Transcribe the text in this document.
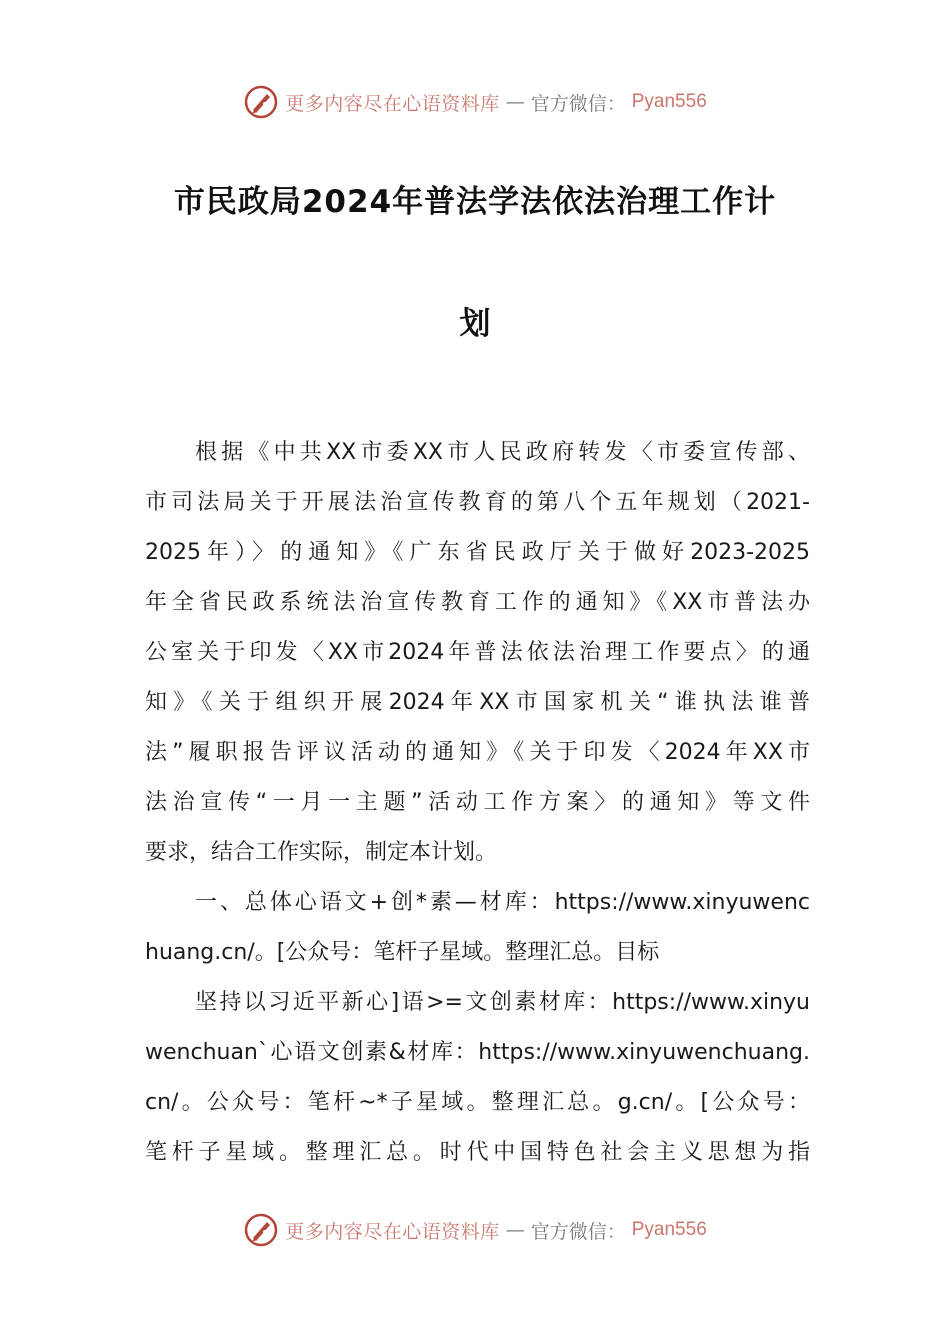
更多内容尽在心语资料库 — 官方微信： Pyan556
市民政局2024年普法学法依法治理工作计
划
根据《中共XX市委XX市人民政府转发〈市委宣传部、
市司法局关于开展法治宣传教育的第八个五年规划（2021-
2025年）〉的通知》《广东省民政厅关于做好2023-2025
年全省民政系统法治宣传教育工作的通知》《XX市普法办
公室关于印发〈XX市2024年普法依法治理工作要点〉的通
知》《关于组织开展2024年XX市国家机关“谁执法谁普
法”履职报告评议活动的通知》《关于印发〈2024年XX市
法治宣传“一月一主题”活动工作方案〉的通知》等文件
要求，结合工作实际，制定本计划。
一、总体心语文+创*素—材库：https://www.xinyuwenc
huang.cn/。[公众号：笔杆子星域。整理汇总。目标
坚持以习近平新心]语>=文创素材库：https://www.xinyu
wenchuan`心语文创素&材库：https://www.xinyuwenchuang.
cn/。公众号：笔杆~*子星域。整理汇总。g.cn/。[公众号：
笔杆子星域。整理汇总。时代中国特色社会主义思想为指
更多内容尽在心语资料库 — 官方微信： Pyan556
